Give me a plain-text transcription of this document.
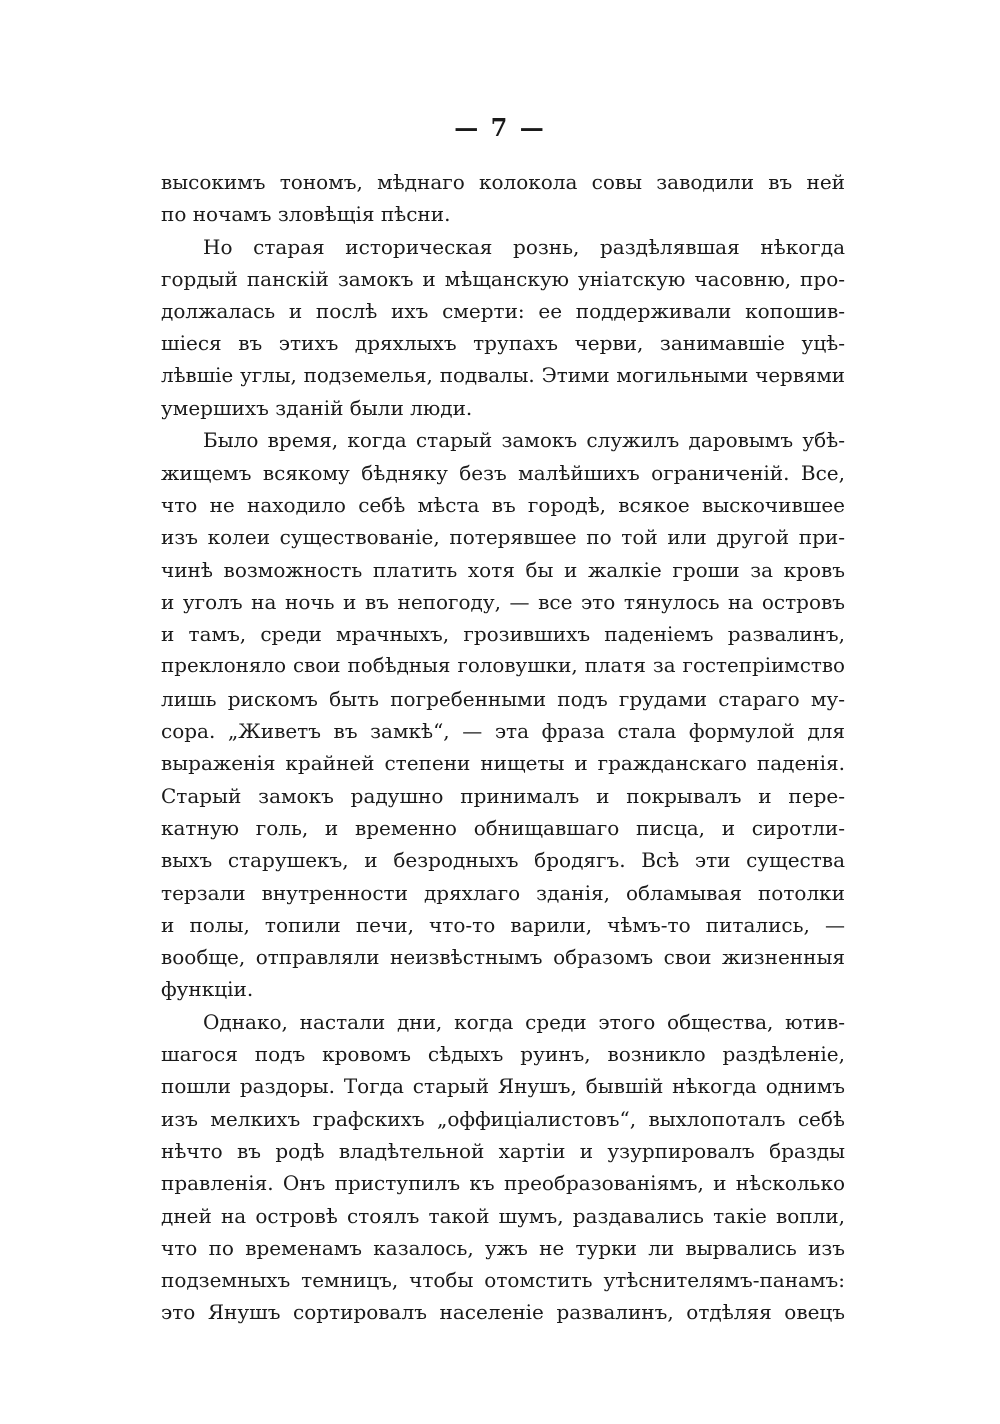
— 7 —

высокимъ тономъ, мѣднаго колокола совы заводили въ ней
по ночамъ зловѣщія пѣсни.

Но старая историческая рознь, раздѣлявшая нѣкогда
гордый панскій замокъ и мѣщанскую уніатскую часовню, про-
должалась и послѣ ихъ смерти: ее поддерживали копошив-
шіеся въ этихъ дряхлыхъ трупахъ черви, занимавшіе уцѣ-
лѣвшіе углы, подземелья, подвалы. Этими могильными червями
умершихъ зданій были люди.

Было время, когда старый замокъ служилъ даровымъ убѣ-
жищемъ всякому бѣдняку безъ малѣйшихъ ограниченій. Все,
что не находило себѣ мѣста въ городѣ, всякое выскочившее
изъ колеи существованіе, потерявшее по той или другой при-
чинѣ возможность платить хотя бы и жалкіе гроши за кровъ
и уголъ на ночь и въ непогоду, — все это тянулось на островъ
и тамъ, среди мрачныхъ, грозившихъ паденіемъ развалинъ,
преклоняло свои побѣдныя головушки, платя за гостепріимство
лишь рискомъ быть погребенными подъ грудами стараго му-
сора. „Живетъ въ замкѣ“, — эта фраза стала формулой для
выраженія крайней степени нищеты и гражданскаго паденія.
Старый замокъ радушно принималъ и покрывалъ и пере-
катную голь, и временно обнищавшаго писца, и сиротли-
выхъ старушекъ, и безродныхъ бродягъ. Всѣ эти существа
терзали внутренности дряхлаго зданія, обламывая потолки
и полы, топили печи, что-то варили, чѣмъ-то питались, —
вообще, отправляли неизвѣстнымъ образомъ свои жизненныя
функціи.

Однако, настали дни, когда среди этого общества, ютив-
шагося подъ кровомъ сѣдыхъ руинъ, возникло раздѣленіе,
пошли раздоры. Тогда старый Янушъ, бывшій нѣкогда однимъ
изъ мелкихъ графскихъ „оффиціалистовъ“, выхлопоталъ себѣ
нѣчто въ родѣ владѣтельной хартіи и узурпировалъ бразды
правленія. Онъ приступилъ къ преобразованіямъ, и нѣсколько
дней на островѣ стоялъ такой шумъ, раздавались такіе вопли,
что по временамъ казалось, ужъ не турки ли вырвались изъ
подземныхъ темницъ, чтобы отомстить утѣснителямъ-панамъ:
это Янушъ сортировалъ населеніе развалинъ, отдѣляя овецъ
